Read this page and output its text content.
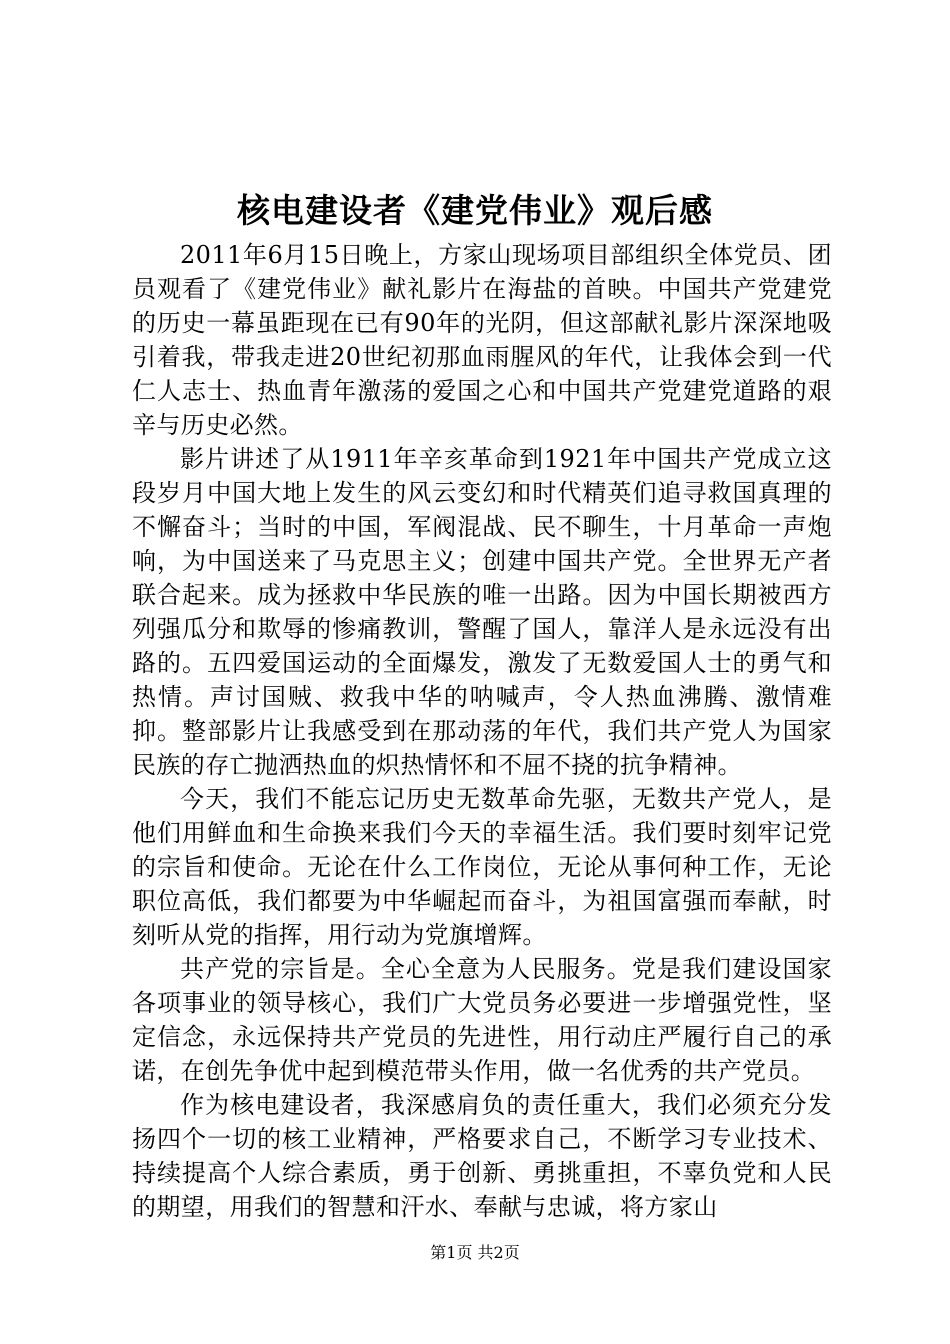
核电建设者《建党伟业》观后感

2011年6月15日晚上，方家山现场项目部组织全体党员、团员观看了《建党伟业》献礼影片在海盐的首映。中国共产党建党的历史一幕虽距现在已有90年的光阴，但这部献礼影片深深地吸引着我，带我走进20世纪初那血雨腥风的年代，让我体会到一代仁人志士、热血青年激荡的爱国之心和中国共产党建党道路的艰辛与历史必然。

影片讲述了从1911年辛亥革命到1921年中国共产党成立这段岁月中国大地上发生的风云变幻和时代精英们追寻救国真理的不懈奋斗；当时的中国，军阀混战、民不聊生，十月革命一声炮响，为中国送来了马克思主义；创建中国共产党。全世界无产者联合起来。成为拯救中华民族的唯一出路。因为中国长期被西方列强瓜分和欺辱的惨痛教训，警醒了国人，靠洋人是永远没有出路的。五四爱国运动的全面爆发，激发了无数爱国人士的勇气和热情。声讨国贼、救我中华的呐喊声，令人热血沸腾、激情难抑。整部影片让我感受到在那动荡的年代，我们共产党人为国家民族的存亡抛洒热血的炽热情怀和不屈不挠的抗争精神。

今天，我们不能忘记历史无数革命先驱，无数共产党人，是他们用鲜血和生命换来我们今天的幸福生活。我们要时刻牢记党的宗旨和使命。无论在什么工作岗位，无论从事何种工作，无论职位高低，我们都要为中华崛起而奋斗，为祖国富强而奉献，时刻听从党的指挥，用行动为党旗增辉。

共产党的宗旨是。全心全意为人民服务。党是我们建设国家各项事业的领导核心，我们广大党员务必要进一步增强党性，坚定信念，永远保持共产党员的先进性，用行动庄严履行自己的承诺，在创先争优中起到模范带头作用，做一名优秀的共产党员。

作为核电建设者，我深感肩负的责任重大，我们必须充分发扬四个一切的核工业精神，严格要求自己，不断学习专业技术、持续提高个人综合素质，勇于创新、勇挑重担，不辜负党和人民的期望，用我们的智慧和汗水、奉献与忠诚，将方家山

第1页 共2页
